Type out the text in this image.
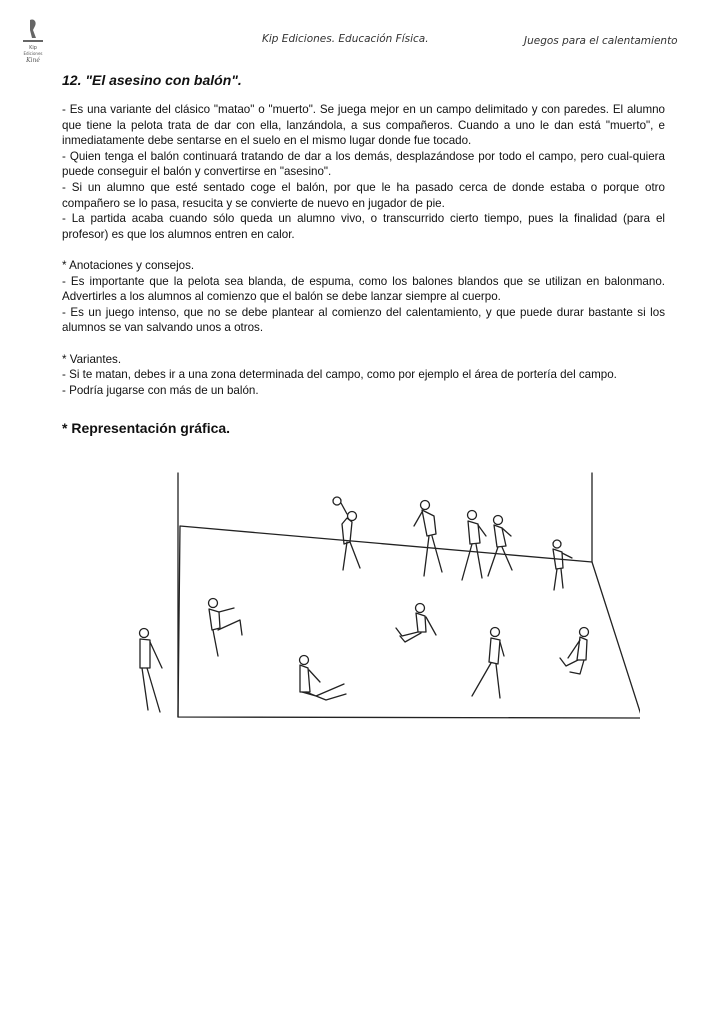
Kip
Ediciones
Kiné
Kip Ediciones. Educación Física.	Juegos para el calentamiento
12. "El asesino con balón".

- Es una variante del clásico "matao" o "muerto". Se juega mejor en un campo delimitado y con paredes. El alumno que tiene la pelota trata de dar con ella, lanzándola, a sus compañeros. Cuando a uno le dan está "muerto", e inmediatamente debe sentarse en el suelo en el mismo lugar donde fue tocado.

- Quien tenga el balón continuará tratando de dar a los demás, desplazándose por todo el campo, pero cual-quiera puede conseguir el balón y convertirse en "asesino".

- Si un alumno que esté sentado coge el balón, por que le ha pasado cerca de donde estaba o porque otro compañero se lo pasa, resucita y se convierte de nuevo en jugador de pie.

- La partida acaba cuando sólo queda un alumno vivo, o transcurrido cierto tiempo, pues la finalidad (para el profesor) es que los alumnos entren en calor.

* Anotaciones y consejos.

- Es importante que la pelota sea blanda, de espuma, como los balones blandos que se utilizan en balonmano. Advertirles a los alumnos al comienzo que el balón se debe lanzar siempre al cuerpo.

- Es un juego intenso, que no se debe plantear al comienzo del calentamiento, y que puede durar bastante si los alumnos se van salvando unos a otros.

* Variantes.

- Si te matan, debes ir a una zona determinada del campo, como por ejemplo el área de portería del campo.

- Podría jugarse con más de un balón.

* Representación gráfica.
